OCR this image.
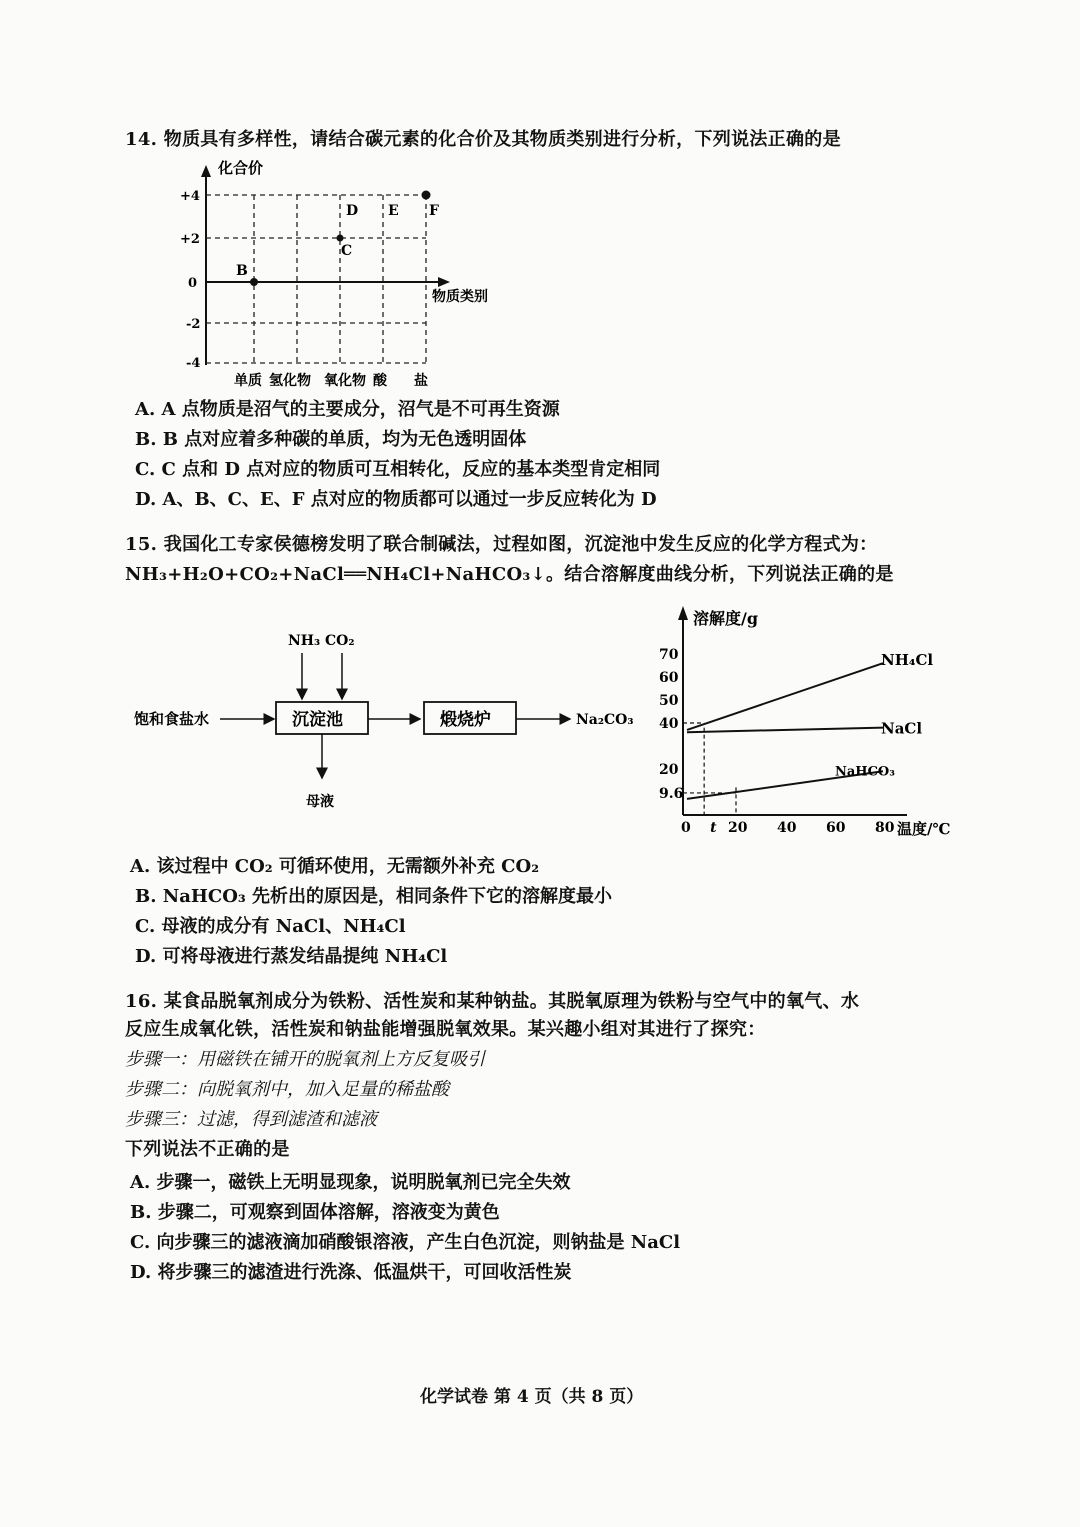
14. 物质具有多样性，请结合碳元素的化合价及其物质类别进行分析，下列说法正确的是
化合价
物质类别
+4
+2
0
-2
-4
单质 氢化物 氧化物 酸 盐
B
C
D E F
A. A 点物质是沼气的主要成分，沼气是不可再生资源
B. B 点对应着多种碳的单质，均为无色透明固体
C. C 点和 D 点对应的物质可互相转化，反应的基本类型肯定相同
D. A、B、C、E、F 点对应的物质都可以通过一步反应转化为 D
15. 我国化工专家侯德榜发明了联合制碱法，过程如图，沉淀池中发生反应的化学方程式为：
NH₃+H₂O+CO₂+NaCl══NH₄Cl+NaHCO₃↓。结合溶解度曲线分析，下列说法正确的是
NH₃ CO₂
饱和食盐水	沉淀池	煅烧炉	Na₂CO₃
母液
溶解度/g
温度/℃
70
60
50
40
20
9.6
0 t 20 40 60 80
NH₄Cl
NaCl
NaHCO₃
A. 该过程中 CO₂ 可循环使用，无需额外补充 CO₂
B. NaHCO₃ 先析出的原因是，相同条件下它的溶解度最小
C. 母液的成分有 NaCl、NH₄Cl
D. 可将母液进行蒸发结晶提纯 NH₄Cl
16. 某食品脱氧剂成分为铁粉、活性炭和某种钠盐。其脱氧原理为铁粉与空气中的氧气、水
反应生成氧化铁，活性炭和钠盐能增强脱氧效果。某兴趣小组对其进行了探究：
步骤一：用磁铁在铺开的脱氧剂上方反复吸引
步骤二：向脱氧剂中，加入足量的稀盐酸
步骤三：过滤，得到滤渣和滤液
下列说法不正确的是
A. 步骤一，磁铁上无明显现象，说明脱氧剂已完全失效
B. 步骤二，可观察到固体溶解，溶液变为黄色
C. 向步骤三的滤液滴加硝酸银溶液，产生白色沉淀，则钠盐是 NaCl
D. 将步骤三的滤渣进行洗涤、低温烘干，可回收活性炭
化学试卷 第 4 页（共 8 页）
